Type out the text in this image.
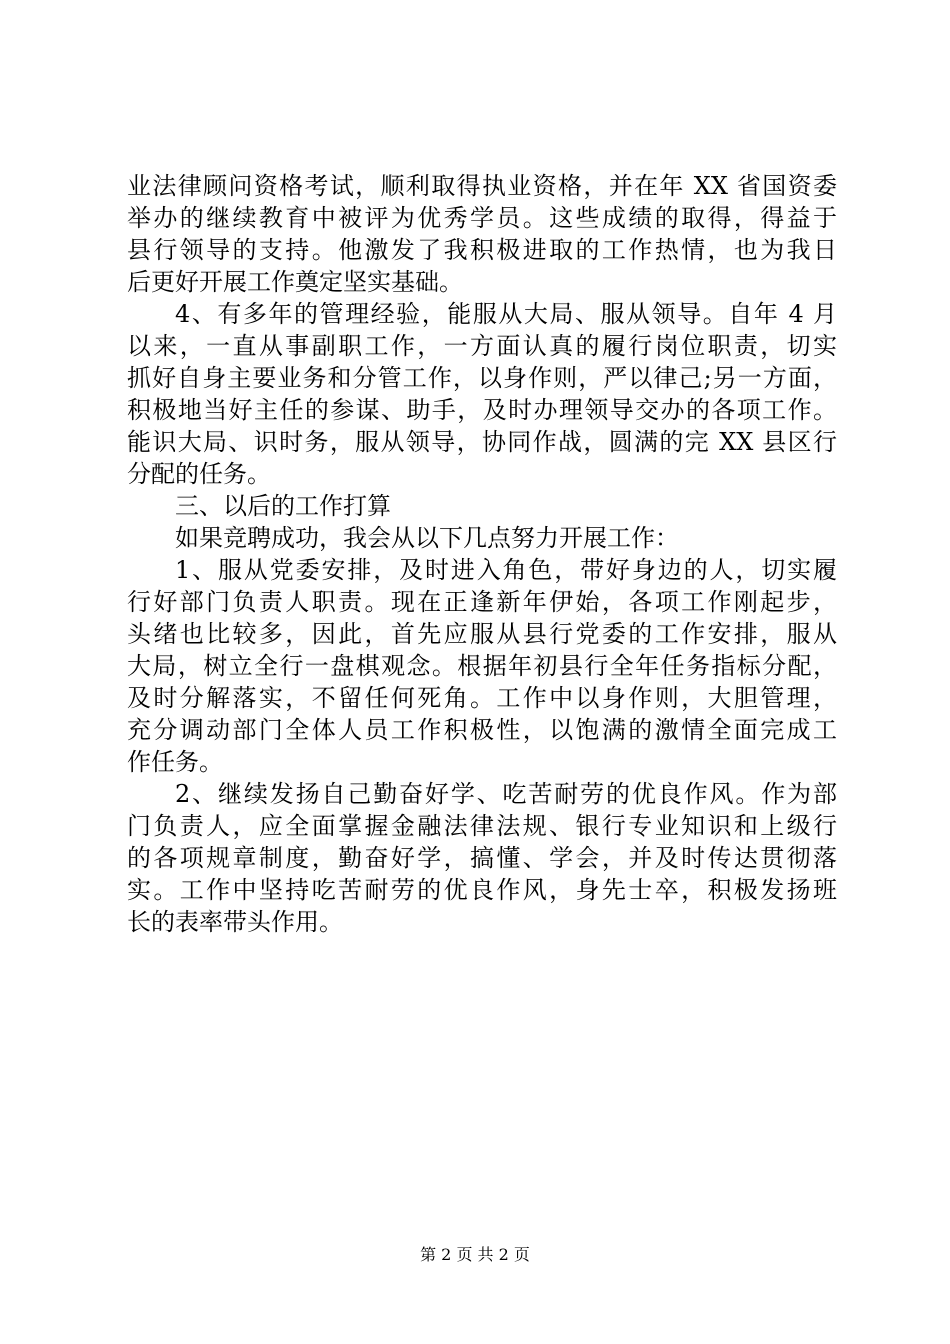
业法律顾问资格考试，顺利取得执业资格，并在年 XX 省国资委
举办的继续教育中被评为优秀学员。这些成绩的取得，得益于
县行领导的支持。他激发了我积极进取的工作热情，也为我日
后更好开展工作奠定坚实基础。
4、有多年的管理经验，能服从大局、服从领导。自年 4 月
以来，一直从事副职工作，一方面认真的履行岗位职责，切实
抓好自身主要业务和分管工作，以身作则，严以律己;另一方面，
积极地当好主任的参谋、助手，及时办理领导交办的各项工作。
能识大局、识时务，服从领导，协同作战，圆满的完 XX 县区行
分配的任务。
三、以后的工作打算
如果竞聘成功，我会从以下几点努力开展工作：
1、服从党委安排，及时进入角色，带好身边的人，切实履
行好部门负责人职责。现在正逢新年伊始，各项工作刚起步，
头绪也比较多，因此，首先应服从县行党委的工作安排，服从
大局，树立全行一盘棋观念。根据年初县行全年任务指标分配，
及时分解落实，不留任何死角。工作中以身作则，大胆管理，
充分调动部门全体人员工作积极性，以饱满的激情全面完成工
作任务。
2、继续发扬自己勤奋好学、吃苦耐劳的优良作风。作为部
门负责人，应全面掌握金融法律法规、银行专业知识和上级行
的各项规章制度，勤奋好学，搞懂、学会，并及时传达贯彻落
实。工作中坚持吃苦耐劳的优良作风，身先士卒，积极发扬班
长的表率带头作用。
第 2 页 共 2 页
